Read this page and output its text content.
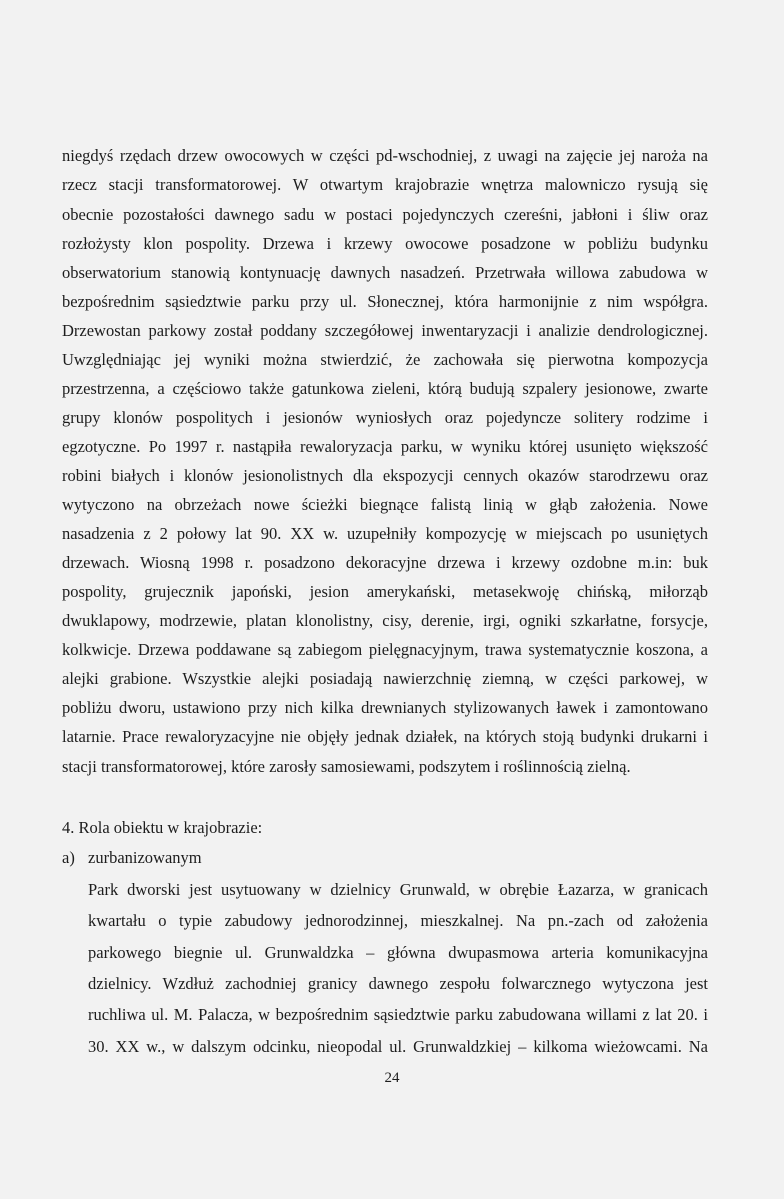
niegdyś rzędach drzew owocowych w części pd-wschodniej, z uwagi na zajęcie jej naroża na
rzecz stacji transformatorowej. W otwartym krajobrazie wnętrza malowniczo rysują się
obecnie pozostałości dawnego sadu w postaci pojedynczych czereśni, jabłoni i śliw oraz
rozłożysty klon pospolity. Drzewa i krzewy owocowe posadzone w pobliżu budynku
obserwatorium stanowią kontynuację dawnych nasadzeń. Przetrwała willowa zabudowa w
bezpośrednim sąsiedztwie parku przy ul. Słonecznej, która harmonijnie z nim współgra.
Drzewostan parkowy został poddany szczegółowej inwentaryzacji i analizie dendrologicznej.
Uwzględniając jej wyniki można stwierdzić, że zachowała się pierwotna kompozycja
przestrzenna, a częściowo także gatunkowa zieleni, którą budują szpalery jesionowe, zwarte
grupy klonów pospolitych i jesionów wyniosłych oraz pojedyncze solitery rodzime i
egzotyczne. Po 1997 r. nastąpiła rewaloryzacja parku, w wyniku której usunięto większość
robini białych i klonów jesionolistnych dla ekspozycji cennych okazów starodrzewu oraz
wytyczono na obrzeżach nowe ścieżki biegnące falistą linią w głąb założenia. Nowe
nasadzenia z 2 połowy lat 90. XX w. uzupełniły kompozycję w miejscach po usuniętych
drzewach. Wiosną 1998 r. posadzono dekoracyjne drzewa i krzewy ozdobne m.in: buk
pospolity, grujecznik japoński, jesion amerykański, metasekwoję chińską, miłorząb
dwuklapowy, modrzewie, platan klonolistny, cisy, derenie, irgi, ogniki szkarłatne, forsycje,
kolkwicje. Drzewa poddawane są zabiegom pielęgnacyjnym, trawa systematycznie koszona, a
alejki grabione. Wszystkie alejki posiadają nawierzchnię ziemną, w części parkowej, w
pobliżu dworu, ustawiono przy nich kilka drewnianych stylizowanych ławek i zamontowano
latarnie. Prace rewaloryzacyjne nie objęły jednak działek, na których stoją budynki drukarni i
stacji transformatorowej, które zarosły samosiewami, podszytem i roślinnością zielną.
4. Rola obiektu w krajobrazie:
a) zurbanizowanym
Park dworski jest usytuowany w dzielnicy Grunwald, w obrębie Łazarza, w granicach
kwartału o typie zabudowy jednorodzinnej, mieszkalnej. Na pn.-zach od założenia
parkowego biegnie ul. Grunwaldzka – główna dwupasmowa arteria komunikacyjna
dzielnicy. Wzdłuż zachodniej granicy dawnego zespołu folwarcznego wytyczona jest
ruchliwa ul. M. Palacza, w bezpośrednim sąsiedztwie parku zabudowana willami z lat 20. i
30. XX w., w dalszym odcinku, nieopodal ul. Grunwaldzkiej – kilkoma wieżowcami. Na
24
